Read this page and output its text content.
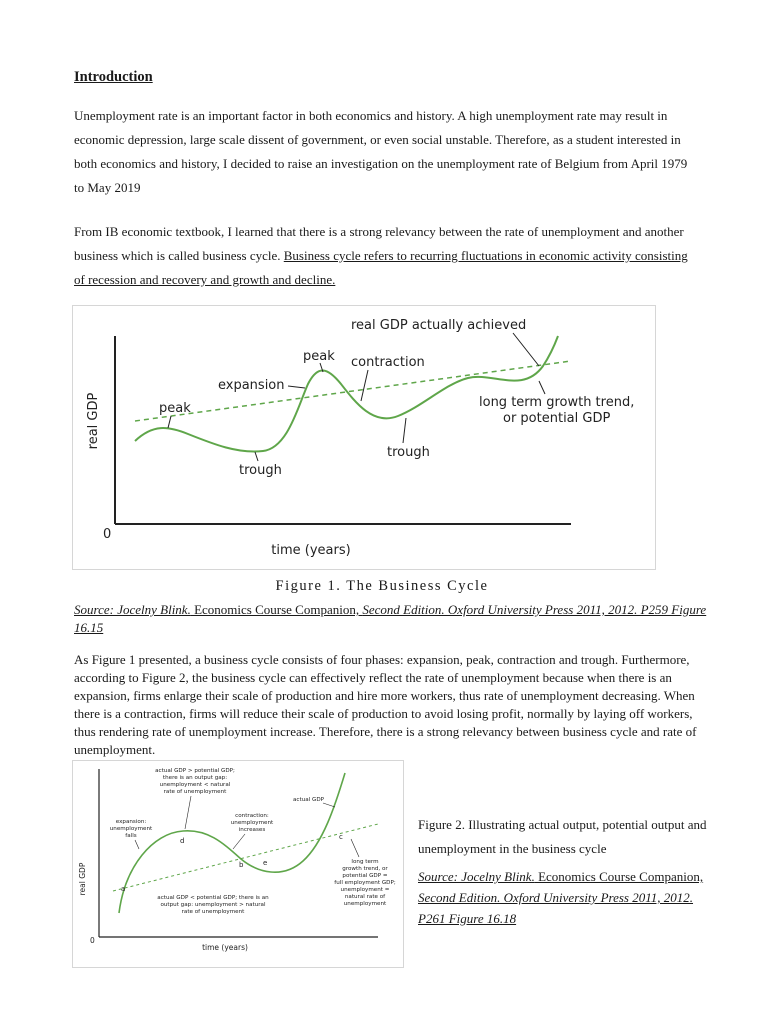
Introduction
Unemployment rate is an important factor in both economics and history. A high unemployment rate may result in economic depression, large scale dissent of government, or even social unstable. Therefore, as a student interested in both economics and history, I decided to raise an investigation on the unemployment rate of Belgium from April 1979 to May 2019
From IB economic textbook, I learned that there is a strong relevancy between the rate of unemployment and another business which is called business cycle. Business cycle refers to recurring fluctuations in economic activity consisting of recession and recovery and growth and decline.
real GDP
time (years)
0
peak
trough
expansion
peak contraction
trough
real GDP actually achieved
long term growth trend,
or potential GDP
Figure 1. The Business Cycle
Source: Jocelny Blink. Economics Course Companion, Second Edition. Oxford University Press 2011, 2012. P259 Figure 16.15
As Figure 1 presented, a business cycle consists of four phases: expansion, peak, contraction and trough. Furthermore, according to Figure 2, the business cycle can effectively reflect the rate of unemployment because when there is an expansion, firms enlarge their scale of production and hire more workers, thus rate of unemployment decreasing. When there is a contraction, firms will reduce their scale of production to avoid losing profit, normally by laying off workers, thus rendering rate of unemployment increase. Therefore, there is a strong relevancy between business cycle and rate of unemployment.
real GDP
time (years)
0
actual GDP > potential GDP;
there is an output gap:
unemployment < natural
rate of unemployment
expansion:
unemployment
falls
contraction:
unemployment
increases
actual GDP
actual GDP < potential GDP; there is an
output gap: unemployment > natural
rate of unemployment
long term
growth trend, or
potential GDP =
full employment GDP;
unemployment =
natural rate of
unemployment
a
b
c
d
e
Figure 2. Illustrating actual output, potential output and unemployment in the business cycle
Source: Jocelny Blink. Economics Course Companion, Second Edition. Oxford University Press 2011, 2012. P261 Figure 16.18
